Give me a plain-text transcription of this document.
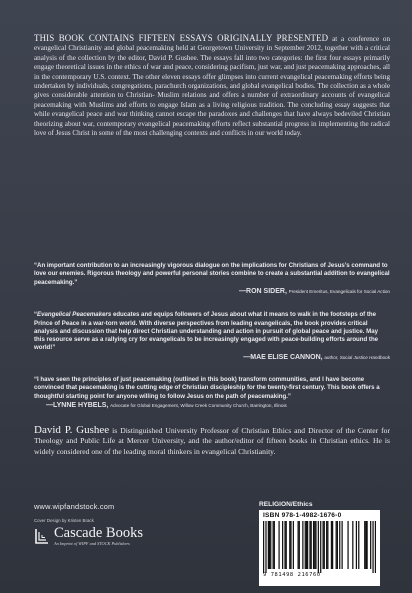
THIS BOOK CONTAINS FIFTEEN ESSAYS ORIGINALLY PRESENTED at a conference on evangelical Christianity and global peacemaking held at Georgetown University in September 2012, together with a critical analysis of the collection by the editor, David P. Gushee. The essays fall into two categories: the first four essays primarily engage theoretical issues in the ethics of war and peace, considering pacifism, just war, and just peacemaking approaches, all in the contemporary U.S. context. The other eleven essays offer glimpses into current evangelical peacemaking efforts being undertaken by individuals, congregations, parachurch organizations, and global evangelical bodies. The collection as a whole gives considerable attention to Christian- Muslim relations and offers a number of extraordinary accounts of evangelical peacemaking with Muslims and efforts to engage Islam as a living religious tradition. The concluding essay suggests that while evangelical peace and war thinking cannot escape the paradoxes and challenges that have always bedeviled Christian theorizing about war, contemporary evangelical peacemaking efforts reflect substantial progress in implementing the radical love of Jesus Christ in some of the most challenging contexts and conflicts in our world today.

“An important contribution to an increasingly vigorous dialogue on the implications for Christians of Jesus’s command to love our enemies. Rigorous theology and powerful personal stories combine to create a substantial addition to evangelical peacemaking.”

—RON SIDER, President Emeritus, Evangelicals for Social Action

“Evangelical Peacemakers educates and equips followers of Jesus about what it means to walk in the footsteps of the Prince of Peace in a war-torn world. With diverse perspectives from leading evangelicals, the book provides critical analysis and discussion that help direct Christian understanding and action in pursuit of global peace and justice. May this resource serve as a rallying cry for evangelicals to be increasingly engaged with peace-building efforts around the world!”

—MAE ELISE CANNON, author, Social Justice Handbook

“I have seen the principles of just peacemaking (outlined in this book) transform communities, and I have become convinced that peacemaking is the cutting edge of Christian discipleship for the twenty-first century. This book offers a thoughtful starting point for anyone willing to follow Jesus on the path of peacemaking.”

—LYNNE HYBELS, Advocate for Global Engagement, Willow Creek Community Church, Barrington, Illinois

David P. Gushee is Distinguished University Professor of Christian Ethics and Director of the Center for Theology and Public Life at Mercer University, and the author/editor of fifteen books in Christian ethics. He is widely considered one of the leading moral thinkers in evangelical Christianity.

www.wipfandstock.com
Cover Design by Kristen Brack
Cascade Books
An Imprint of WIPF and STOCK Publishers
RELIGION/Ethics
ISBN 978-1-4982-1676-0
9 781498 216760
